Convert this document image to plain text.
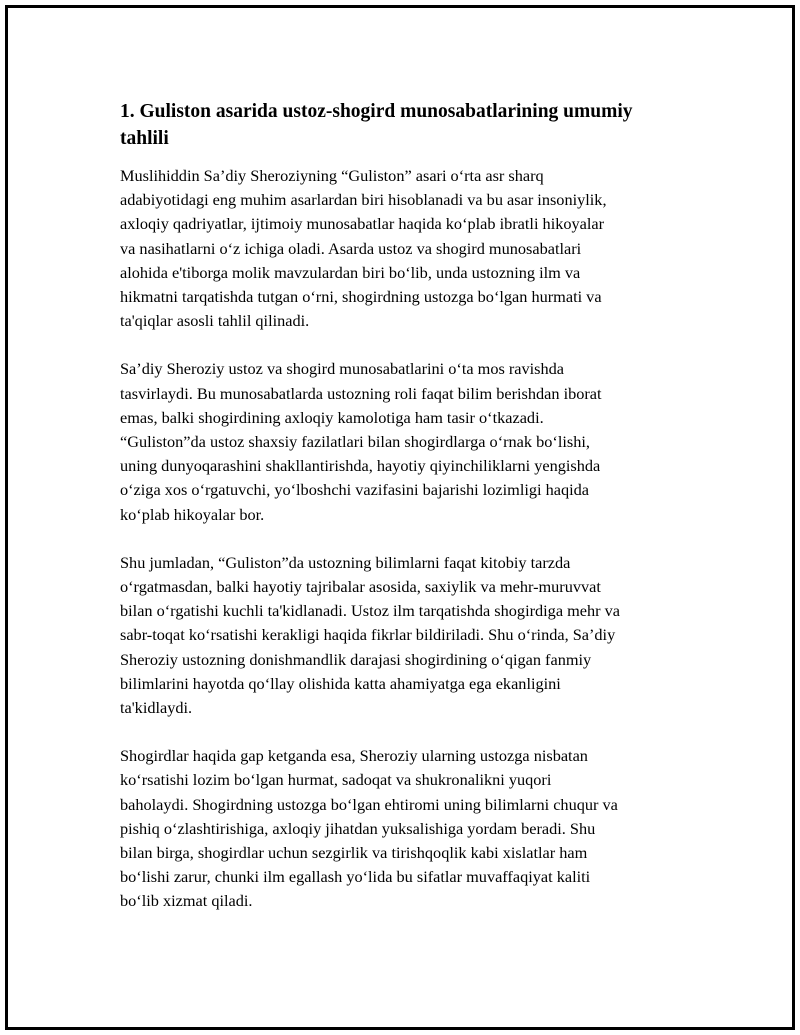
1. Guliston asarida ustoz-shogird munosabatlarining umumiy
tahlili

Muslihiddin Sa’diy Sheroziyning “Guliston” asari o‘rta asr sharq
adabiyotidagi eng muhim asarlardan biri hisoblanadi va bu asar insoniylik,
axloqiy qadriyatlar, ijtimoiy munosabatlar haqida ko‘plab ibratli hikoyalar
va nasihatlarni o‘z ichiga oladi. Asarda ustoz va shogird munosabatlari
alohida e'tiborga molik mavzulardan biri bo‘lib, unda ustozning ilm va
hikmatni tarqatishda tutgan o‘rni, shogirdning ustozga bo‘lgan hurmati va
ta'qiqlar asosli tahlil qilinadi.

Sa’diy Sheroziy ustoz va shogird munosabatlarini o‘ta mos ravishda
tasvirlaydi. Bu munosabatlarda ustozning roli faqat bilim berishdan iborat
emas, balki shogirdining axloqiy kamolotiga ham tasir o‘tkazadi.
“Guliston”da ustoz shaxsiy fazilatlari bilan shogirdlarga o‘rnak bo‘lishi,
uning dunyoqarashini shakllantirishda, hayotiy qiyinchiliklarni yengishda
o‘ziga xos o‘rgatuvchi, yo‘lboshchi vazifasini bajarishi lozimligi haqida
ko‘plab hikoyalar bor.

Shu jumladan, “Guliston”da ustozning bilimlarni faqat kitobiy tarzda
o‘rgatmasdan, balki hayotiy tajribalar asosida, saxiylik va mehr-muruvvat
bilan o‘rgatishi kuchli ta'kidlanadi. Ustoz ilm tarqatishda shogirdiga mehr va
sabr-toqat ko‘rsatishi kerakligi haqida fikrlar bildiriladi. Shu o‘rinda, Sa’diy
Sheroziy ustozning donishmandlik darajasi shogirdining o‘qigan fanmiy
bilimlarini hayotda qo‘llay olishida katta ahamiyatga ega ekanligini
ta'kidlaydi.

Shogirdlar haqida gap ketganda esa, Sheroziy ularning ustozga nisbatan
ko‘rsatishi lozim bo‘lgan hurmat, sadoqat va shukronalikni yuqori
baholaydi. Shogirdning ustozga bo‘lgan ehtiromi uning bilimlarni chuqur va
pishiq o‘zlashtirishiga, axloqiy jihatdan yuksalishiga yordam beradi. Shu
bilan birga, shogirdlar uchun sezgirlik va tirishqoqlik kabi xislatlar ham
bo‘lishi zarur, chunki ilm egallash yo‘lida bu sifatlar muvaffaqiyat kaliti
bo‘lib xizmat qiladi.
